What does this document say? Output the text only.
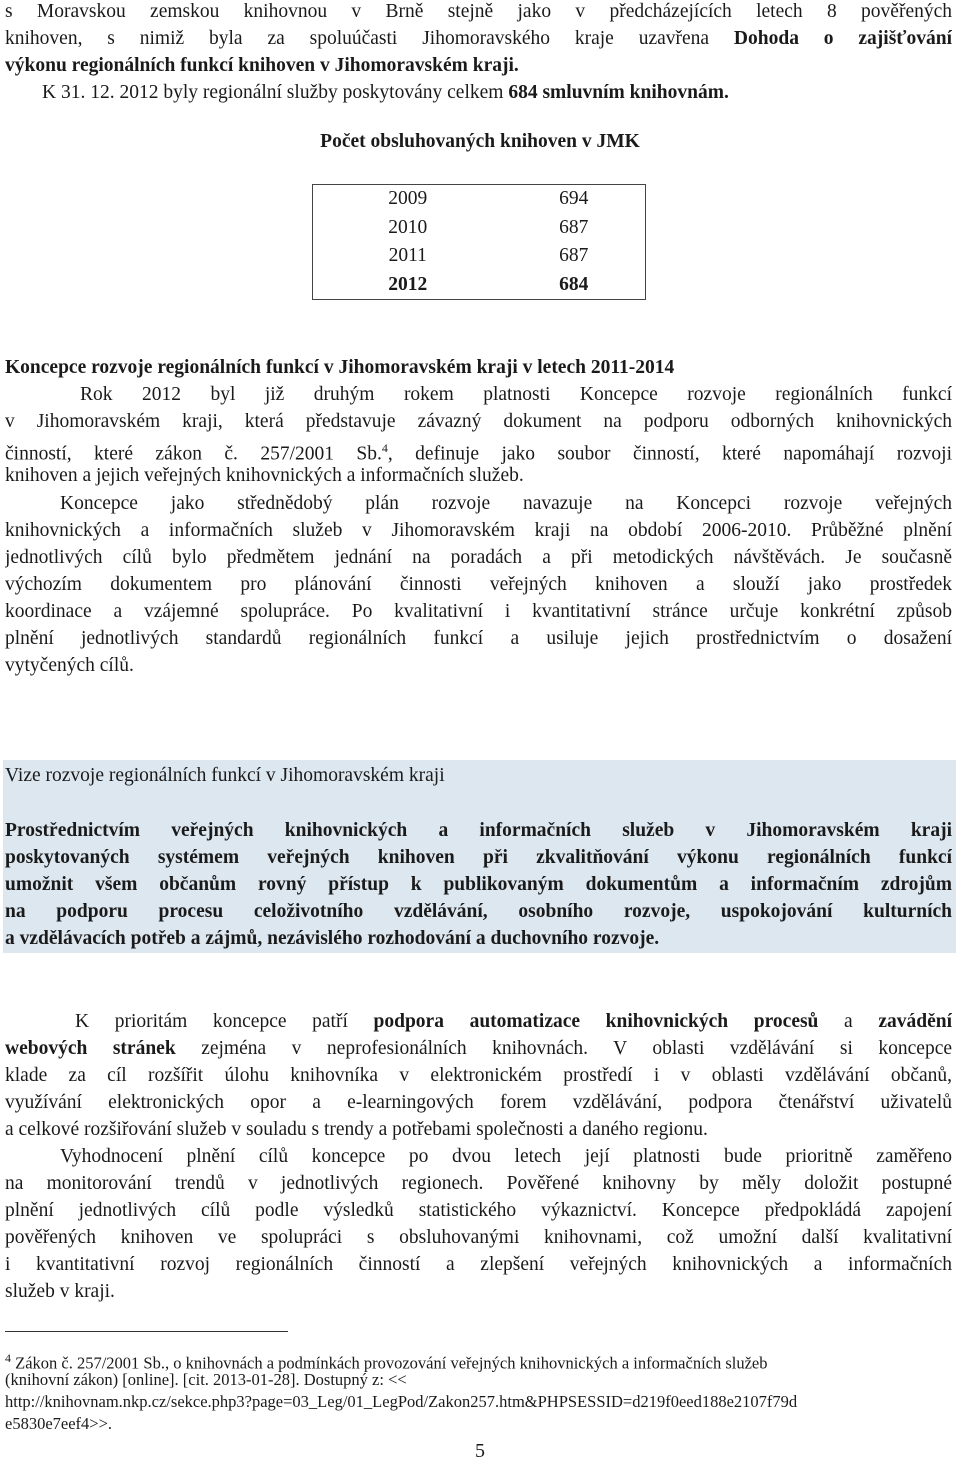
s Moravskou zemskou knihovnou v Brně stejně jako v předcházejících letech 8 pověřených
knihoven, s nimiž byla za spoluúčasti Jihomoravského kraje uzavřena Dohoda o zajišťování
výkonu regionálních funkcí knihoven v Jihomoravském kraji.
K 31. 12. 2012 byly regionální služby poskytovány celkem 684 smluvním knihovnám.
Počet obsluhovaných knihoven v JMK
2009	694
2010	687
2011	687
2012	684
Koncepce rozvoje regionálních funkcí v Jihomoravském kraji v letech 2011-2014
Rok 2012 byl již druhým rokem platnosti Koncepce rozvoje regionálních funkcí
v Jihomoravském kraji, která představuje závazný dokument na podporu odborných knihovnických
činností, které zákon č. 257/2001 Sb.$^4$, definuje jako soubor činností, které napomáhají rozvoji
knihoven a jejich veřejných knihovnických a informačních služeb.
Koncepce jako střednědobý plán rozvoje navazuje na Koncepci rozvoje veřejných
knihovnických a informačních služeb v Jihomoravském kraji na období 2006-2010. Průběžné plnění
jednotlivých cílů bylo předmětem jednání na poradách a při metodických návštěvách. Je současně
výchozím dokumentem pro plánování činnosti veřejných knihoven a slouží jako prostředek
koordinace a vzájemné spolupráce. Po kvalitativní i kvantitativní stránce určuje konkrétní způsob
plnění jednotlivých standardů regionálních funkcí a usiluje jejich prostřednictvím o dosažení
vytyčených cílů.
Vize rozvoje regionálních funkcí v Jihomoravském kraji
Prostřednictvím veřejných knihovnických a informačních služeb v Jihomoravském kraji
poskytovaných systémem veřejných knihoven při zkvalitňování výkonu regionálních funkcí
umožnit všem občanům rovný přístup k publikovaným dokumentům a informačním zdrojům
na podporu procesu celoživotního vzdělávání, osobního rozvoje, uspokojování kulturních
a vzdělávacích potřeb a zájmů, nezávislého rozhodování a duchovního rozvoje.
K prioritám koncepce patří podpora automatizace knihovnických procesů a zavádění
webových stránek zejména v neprofesionálních knihovnách. V oblasti vzdělávání si koncepce
klade za cíl rozšířit úlohu knihovníka v elektronickém prostředí i v oblasti vzdělávání občanů,
využívání elektronických opor a e-learningových forem vzdělávání, podpora čtenářství uživatelů
a celkové rozšiřování služeb v souladu s trendy a potřebami společnosti a daného regionu.
Vyhodnocení plnění cílů koncepce po dvou letech její platnosti bude prioritně zaměřeno
na monitorování trendů v jednotlivých regionech. Pověřené knihovny by měly doložit postupné
plnění jednotlivých cílů podle výsledků statistického výkaznictví. Koncepce předpokládá zapojení
pověřených knihoven ve spolupráci s obsluhovanými knihovnami, což umožní další kvalitativní
i kvantitativní rozvoj regionálních činností a zlepšení veřejných knihovnických a informačních
služeb v kraji.
$^4$ Zákon č. 257/2001 Sb., o knihovnách a podmínkách provozování veřejných knihovnických a informačních služeb
(knihovní zákon) [online]. [cit. 2013-01-28]. Dostupný z: <<
http://knihovnam.nkp.cz/sekce.php3?page=03_Leg/01_LegPod/Zakon257.htm&PHPSESSID=d219f0eed188e2107f79d
e5830e7eef4>>.
5
